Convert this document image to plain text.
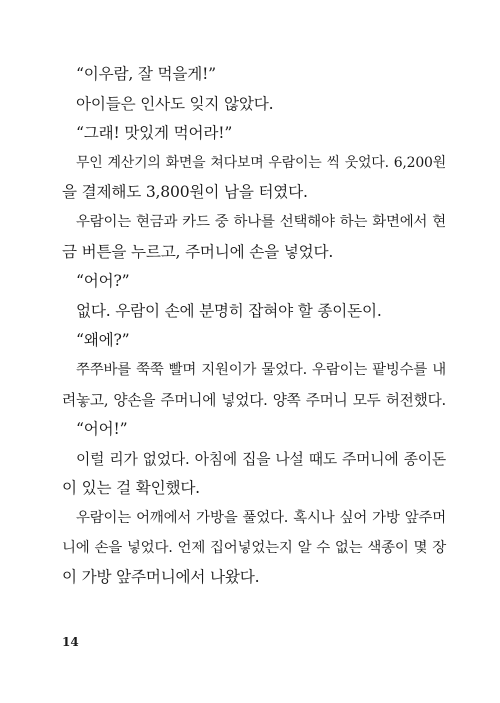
“이우람, 잘 먹을게!”
아이들은 인사도 잊지 않았다.
“그래! 맛있게 먹어라!”
무인 계산기의 화면을 쳐다보며 우람이는 씩 웃었다. 6,200원
을 결제해도 3,800원이 남을 터였다.
우람이는 현금과 카드 중 하나를 선택해야 하는 화면에서 현
금 버튼을 누르고, 주머니에 손을 넣었다.
“어어?”
없다. 우람이 손에 분명히 잡혀야 할 종이돈이.
“왜에?”
쭈쭈바를 쭉쭉 빨며 지원이가 물었다. 우람이는 팥빙수를 내
려놓고, 양손을 주머니에 넣었다. 양쪽 주머니 모두 허전했다.
“어어!”
이럴 리가 없었다. 아침에 집을 나설 때도 주머니에 종이돈
이 있는 걸 확인했다.
우람이는 어깨에서 가방을 풀었다. 혹시나 싶어 가방 앞주머
니에 손을 넣었다. 언제 집어넣었는지 알 수 없는 색종이 몇 장
이 가방 앞주머니에서 나왔다.
14
